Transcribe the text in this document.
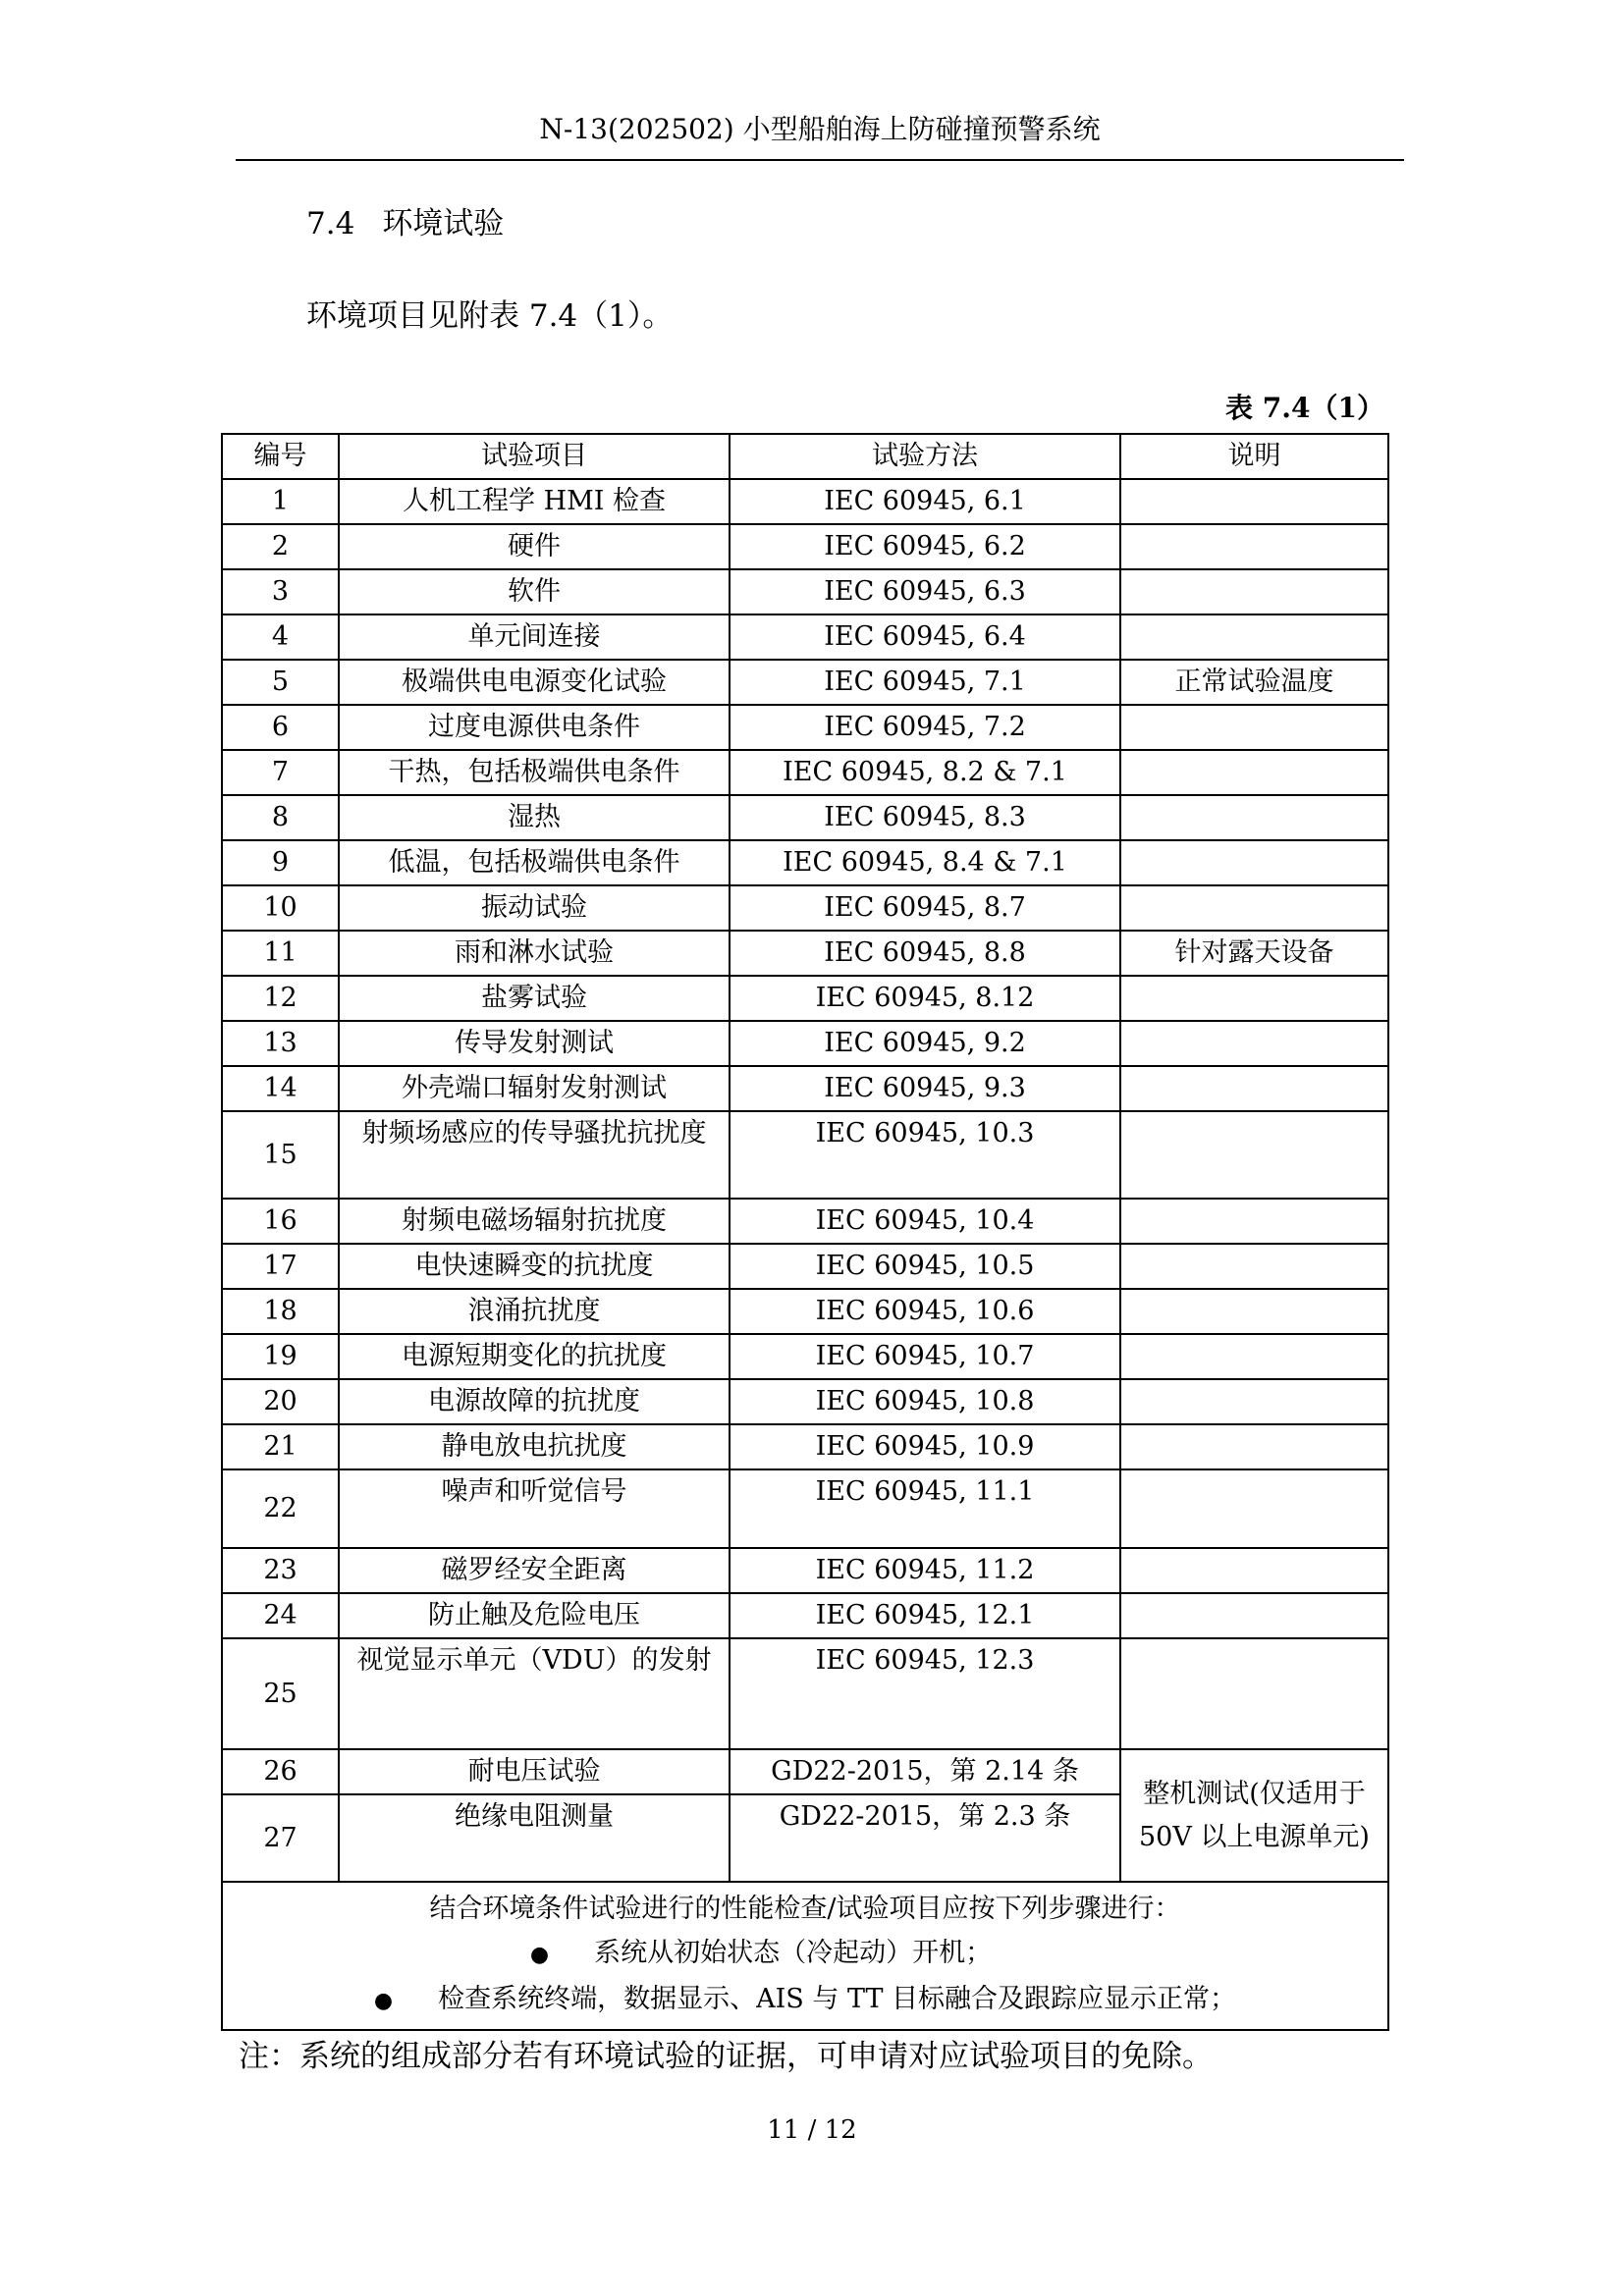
N-13(202502) 小型船舶海上防碰撞预警系统
7.4 环境试验
环境项目见附表 7.4（1）。
表 7.4（1）
编号	试验项目	试验方法	说明
1	人机工程学 HMI 检查	IEC 60945, 6.1	
2	硬件	IEC 60945, 6.2	
3	软件	IEC 60945, 6.3	
4	单元间连接	IEC 60945, 6.4	
5	极端供电电源变化试验	IEC 60945, 7.1	正常试验温度
6	过度电源供电条件	IEC 60945, 7.2	
7	干热，包括极端供电条件	IEC 60945, 8.2 & 7.1	
8	湿热	IEC 60945, 8.3	
9	低温，包括极端供电条件	IEC 60945, 8.4 & 7.1	
10	振动试验	IEC 60945, 8.7	
11	雨和淋水试验	IEC 60945, 8.8	针对露天设备
12	盐雾试验	IEC 60945, 8.12	
13	传导发射测试	IEC 60945, 9.2	
14	外壳端口辐射发射测试	IEC 60945, 9.3	
15	射频场感应的传导骚扰抗扰度	IEC 60945, 10.3	
16	射频电磁场辐射抗扰度	IEC 60945, 10.4	
17	电快速瞬变的抗扰度	IEC 60945, 10.5	
18	浪涌抗扰度	IEC 60945, 10.6	
19	电源短期变化的抗扰度	IEC 60945, 10.7	
20	电源故障的抗扰度	IEC 60945, 10.8	
21	静电放电抗扰度	IEC 60945, 10.9	
22	噪声和听觉信号	IEC 60945, 11.1	
23	磁罗经安全距离	IEC 60945, 11.2	
24	防止触及危险电压	IEC 60945, 12.1	
25	视觉显示单元（VDU）的发射	IEC 60945, 12.3	
26	耐电压试验	GD22-2015，第 2.14 条	整机测试(仅适用于 50V 以上电源单元)
27	绝缘电阻测量	GD22-2015，第 2.3 条	

结合环境条件试验进行的性能检查/试验项目应按下列步骤进行：
● 系统从初始状态（冷起动）开机；
● 检查系统终端，数据显示、AIS 与 TT 目标融合及跟踪应显示正常；			
注：系统的组成部分若有环境试验的证据，可申请对应试验项目的免除。
11 / 12
